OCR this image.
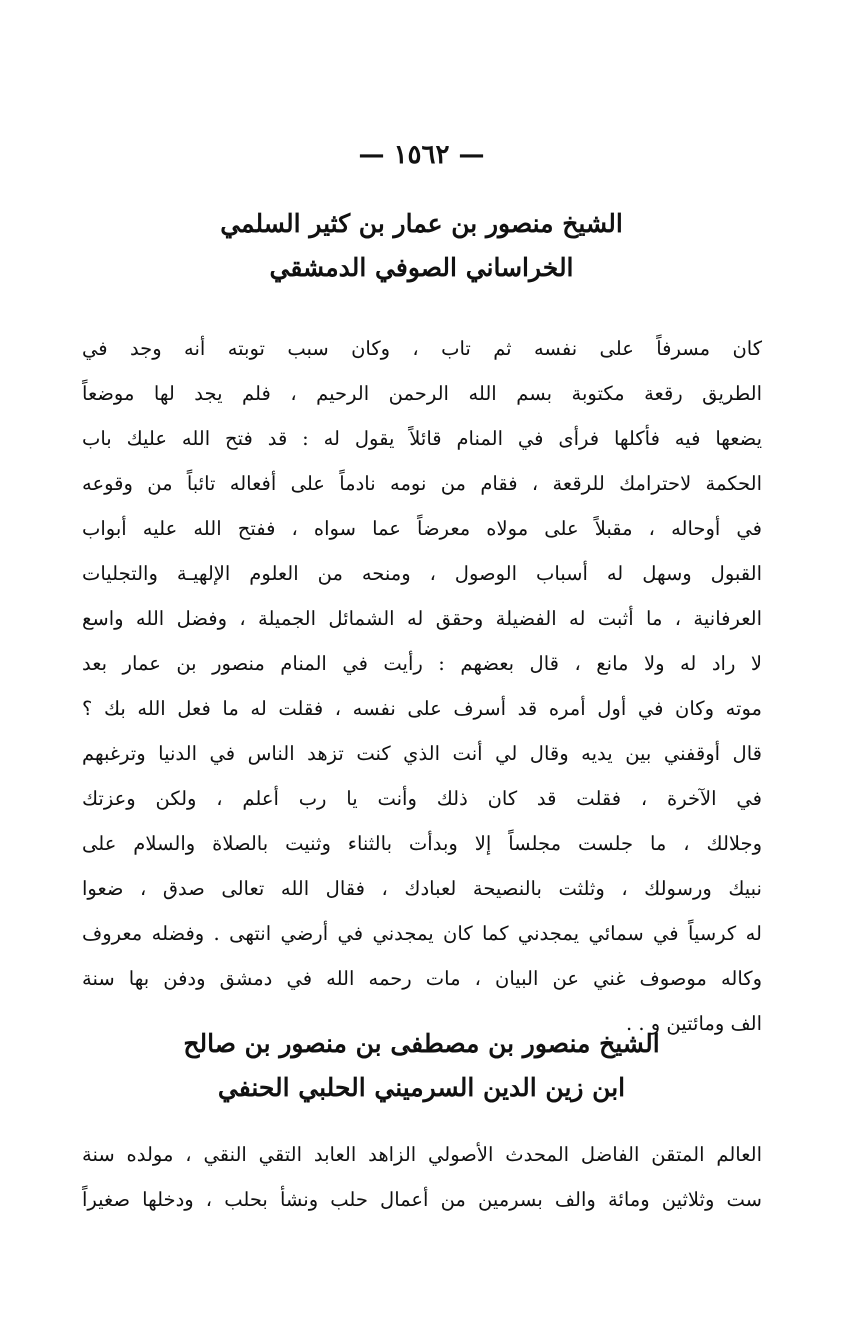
— ١٥٦٢ —
الشيخ منصور بن عمار بن كثير السلمي
الخراساني الصوفي الدمشقي
كان مسرفاً على نفسه ثم تاب ، وكان سبب توبته أنه وجد في
الطريق رقعة مكتوبة بسم الله الرحمن الرحيم ، فلم يجد لها موضعاً
يضعها فيه فأكلها فرأى في المنام قائلاً يقول له : قد فتح الله عليك باب
الحكمة لاحترامك للرقعة ، فقام من نومه نادماً على أفعاله تائباً من وقوعه
في أوحاله ، مقبلاً على مولاه معرضاً عما سواه ، ففتح الله عليه أبواب
القبول وسهل له أسباب الوصول ، ومنحه من العلوم الإلهيـة والتجليات
العرفانية ، ما أثبت له الفضيلة وحقق له الشمائل الجميلة ، وفضل الله واسع
لا راد له ولا مانع ، قال بعضهم : رأيت في المنام منصور بن عمار بعد
موته وكان في أول أمره قد أسرف على نفسه ، فقلت له ما فعل الله بك ؟
قال أوقفني بين يديه وقال لي أنت الذي كنت تزهد الناس في الدنيا وترغبهم
في الآخرة ، فقلت قد كان ذلك وأنت يا رب أعلم ، ولكن وعزتك
وجلالك ، ما جلست مجلساً إلا وبدأت بالثناء وثنيت بالصلاة والسلام على
نبيك ورسولك ، وثلثت بالنصيحة لعبادك ، فقال الله تعالى صدق ، ضعوا
له كرسياً في سمائي يمجدني كما كان يمجدني في أرضي انتهى . وفضله معروف
وكاله موصوف غني عن البيان ، مات رحمه الله في دمشق ودفن بها سنة
الف ومائتين و . .
الشيخ منصور بن مصطفى بن منصور بن صالح
ابن زين الدين السرميني الحلبي الحنفي
العالم المتقن الفاضل المحدث الأصولي الزاهد العابد التقي النقي ، مولده سنة
ست وثلاثين ومائة والف بسرمين من أعمال حلب ونشأ بحلب ، ودخلها صغيراً
